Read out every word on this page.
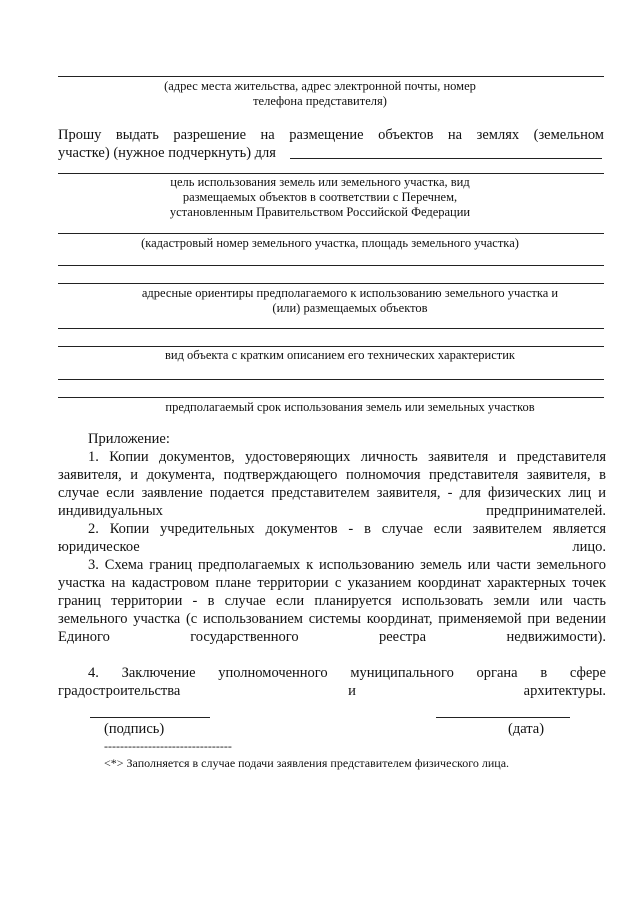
(адрес места жительства, адрес электронной почты, номер телефона представителя)
Прошу выдать разрешение на размещение объектов на землях (земельном
участке) (нужное подчеркнуть) для
цель использования земель или земельного участка, вид размещаемых объектов в соответствии с Перечнем, установленным Правительством Российской Федерации
(кадастровый номер земельного участка, площадь земельного участка)
адресные ориентиры предполагаемого к использованию земельного участка и (или) размещаемых объектов
вид объекта с кратким описанием его технических характеристик
предполагаемый срок использования земель или земельных участков
Приложение:
1. Копии документов, удостоверяющих личность заявителя и представителя заявителя, и документа, подтверждающего полномочия представителя заявителя, в случае если заявление подается представителем заявителя, - для физических лиц и индивидуальных предпринимателей.
2. Копии учредительных документов - в случае если заявителем является юридическое лицо.
3. Схема границ предполагаемых к использованию земель или части земельного участка на кадастровом плане территории с указанием координат характерных точек границ территории - в случае если планируется использовать земли или часть земельного участка (с использованием системы координат, применяемой при ведении Единого государственного реестра недвижимости).
4. Заключение уполномоченного муниципального органа в сфере градостроительства и архитектуры.
(подпись)	(дата)
--------------------------------
<*> Заполняется в случае подачи заявления представителем физического лица.
